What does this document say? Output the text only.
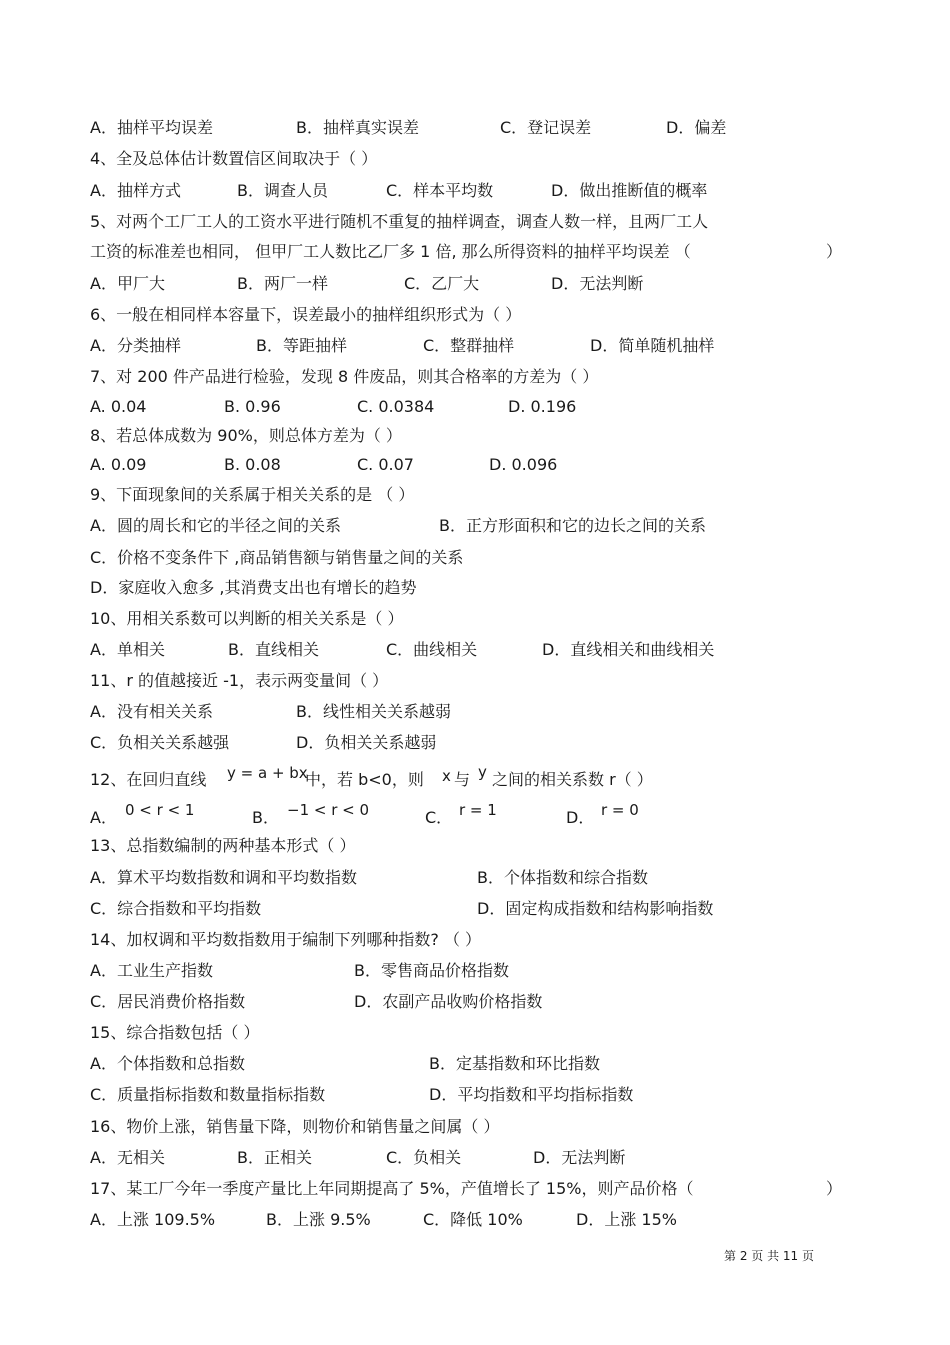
A．抽样平均误差	B．抽样真实误差	C．登记误差	D．偏差
4、全及总体估计数置信区间取决于（ ）
A．抽样方式	B．调查人员	C．样本平均数	D．做出推断值的概率
5、对两个工厂工人的工资水平进行随机不重复的抽样调查，调查人数一样，且两厂工人
工资的标准差也相同， 但甲厂工人数比乙厂多 1 倍, 那么所得资料的抽样平均误差 （	）
A．甲厂大	B．两厂一样	C．乙厂大	D．无法判断
6、一般在相同样本容量下，误差最小的抽样组织形式为（ ）
A．分类抽样	B．等距抽样	C．整群抽样	D．简单随机抽样
7、对 200 件产品进行检验，发现 8 件废品，则其合格率的方差为（ ）
A. 0.04	B. 0.96	C. 0.0384	D. 0.196
8、若总体成数为 90%，则总体方差为（ ）
A. 0.09	B. 0.08	C. 0.07	D. 0.096
9、下面现象间的关系属于相关关系的是 （ ）
A．圆的周长和它的半径之间的关系	B．正方形面积和它的边长之间的关系
C．价格不变条件下 ,商品销售额与销售量之间的关系
D．家庭收入愈多 ,其消费支出也有增长的趋势
10、用相关系数可以判断的相关关系是（ ）
A．单相关	B．直线相关	C．曲线相关	D．直线相关和曲线相关
11、r 的值越接近 -1，表示两变量间（ ）
A．没有相关关系	B．线性相关关系越弱
C．负相关关系越强	D．负相关关系越弱
12、在回归直线 y = a + bx
中，若 b<0，则 x 与 y 之间的相关系数 r（ ）
A． 0 < r < 1	B． −1 < r < 0	C． r = 1	D． r = 0
13、总指数编制的两种基本形式（ ）
A．算术平均数指数和调和平均数指数	B．个体指数和综合指数
C．综合指数和平均指数	D．固定构成指数和结构影响指数
14、加权调和平均数指数用于编制下列哪种指数? （ ）
A．工业生产指数	B．零售商品价格指数
C．居民消费价格指数	D．农副产品收购价格指数
15、综合指数包括（ ）
A．个体指数和总指数	B．定基指数和环比指数
C．质量指标指数和数量指标指数	D．平均指数和平均指标指数
16、物价上涨，销售量下降，则物价和销售量之间属（ ）
A．无相关	B．正相关	C．负相关	D．无法判断
17、某工厂今年一季度产量比上年同期提高了 5%，产值增长了 15%，则产品价格（	）
A．上涨 109.5%	B．上涨 9.5%	C．降低 10%	D．上涨 15%
第 2 页 共 11 页
